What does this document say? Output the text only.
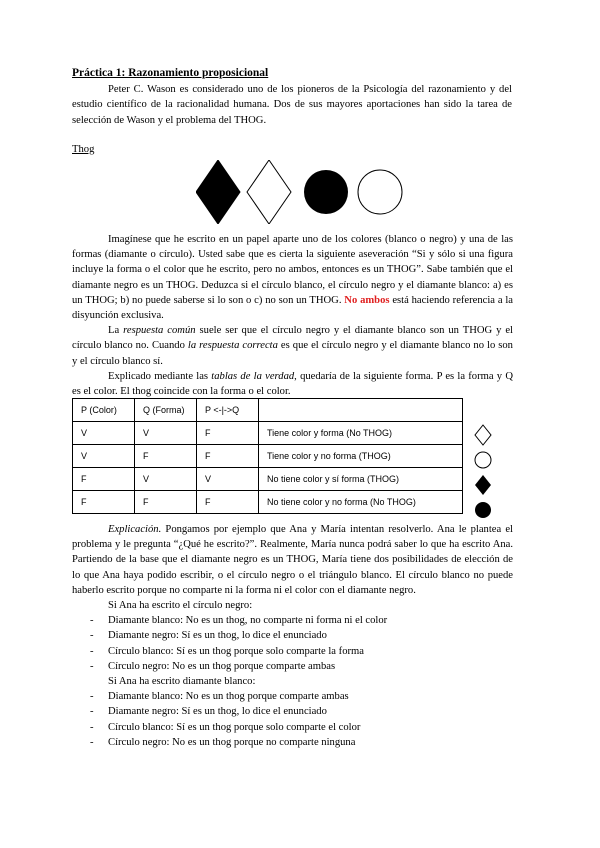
Práctica 1: Razonamiento proposicional

Peter C. Wason es considerado uno de los pioneros de la Psicología del razonamiento y del estudio científico de la racionalidad humana. Dos de sus mayores aportaciones han sido la tarea de selección de Wason y el problema del THOG.

Thog

Imagínese que he escrito en un papel aparte uno de los colores (blanco o negro) y una de las formas (diamante o círculo). Usted sabe que es cierta la siguiente aseveración “Si y sólo si una figura incluye la forma o el color que he escrito, pero no ambos, entonces es un THOG”. Sabe también que el diamante negro es un THOG. Deduzca si el círculo blanco, el círculo negro y el diamante blanco: a) es un THOG; b) no puede saberse si lo son o c) no son un THOG. No ambos está haciendo referencia a la disyunción exclusiva.

La respuesta común suele ser que el círculo negro y el diamante blanco son un THOG y el círculo blanco no. Cuando la respuesta correcta es que el círculo negro y el diamante blanco no lo son y el círculo blanco sí.

Explicado mediante las tablas de la verdad, quedaría de la siguiente forma. P es la forma y Q es el color. El thog coincide con la forma o el color.

P (Color)	Q (Forma)	P <-|->Q	
V	V	F	Tiene color y forma (No THOG)
V	F	F	Tiene color y no forma (THOG)
F	V	V	No tiene color y sí forma (THOG)
F	F	F	No tiene color y no forma (No THOG)

Explicación. Pongamos por ejemplo que Ana y María intentan resolverlo. Ana le plantea el problema y le pregunta “¿Qué he escrito?”. Realmente, María nunca podrá saber lo que ha escrito Ana. Partiendo de la base que el diamante negro es un THOG, María tiene dos posibilidades de elección de lo que Ana haya podido escribir, o el círculo negro o el triángulo blanco. El círculo blanco no puede haberlo escrito porque no comparte ni la forma ni el color con el diamante negro.

Si Ana ha escrito el círculo negro:
- Diamante blanco: No es un thog, no comparte ni forma ni el color
- Diamante negro: Sí es un thog, lo dice el enunciado
- Círculo blanco: Sí es un thog porque solo comparte la forma
- Círculo negro: No es un thog porque comparte ambas
Si Ana ha escrito diamante blanco:
- Diamante blanco: No es un thog porque comparte ambas
- Diamante negro: Sí es un thog, lo dice el enunciado
- Círculo blanco: Sí es un thog porque solo comparte el color
- Círculo negro: No es un thog porque no comparte ninguna
